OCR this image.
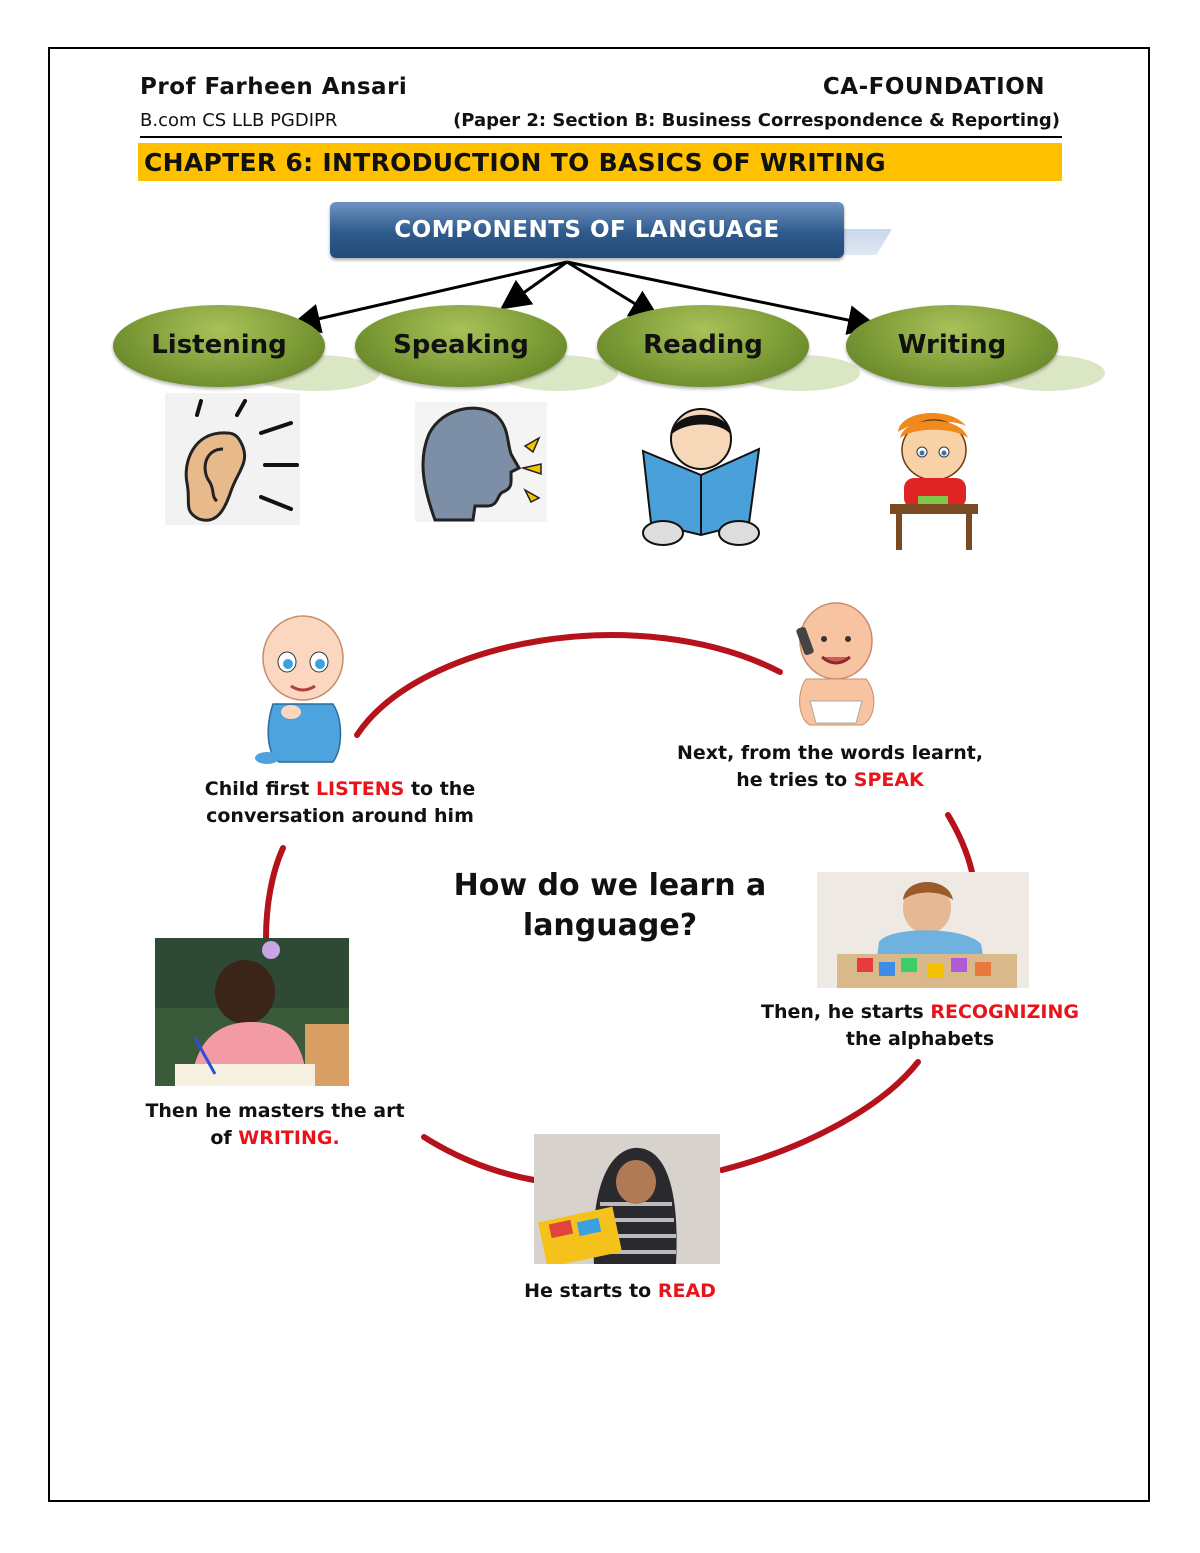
Prof Farheen Ansari	CA-FOUNDATION
B.com CS LLB PGDIPR	(Paper 2: Section B: Business Correspondence & Reporting)
CHAPTER 6: INTRODUCTION TO BASICS OF WRITING
COMPONENTS OF LANGUAGE
Listening	Speaking	Reading	Writing
Child first LISTENS to the
conversation around him
Next, from the words learnt,
he tries to SPEAK
How do we learn a
language?
Then, he starts RECOGNIZING
the alphabets
Then he masters the art
of WRITING.
He starts to READ
